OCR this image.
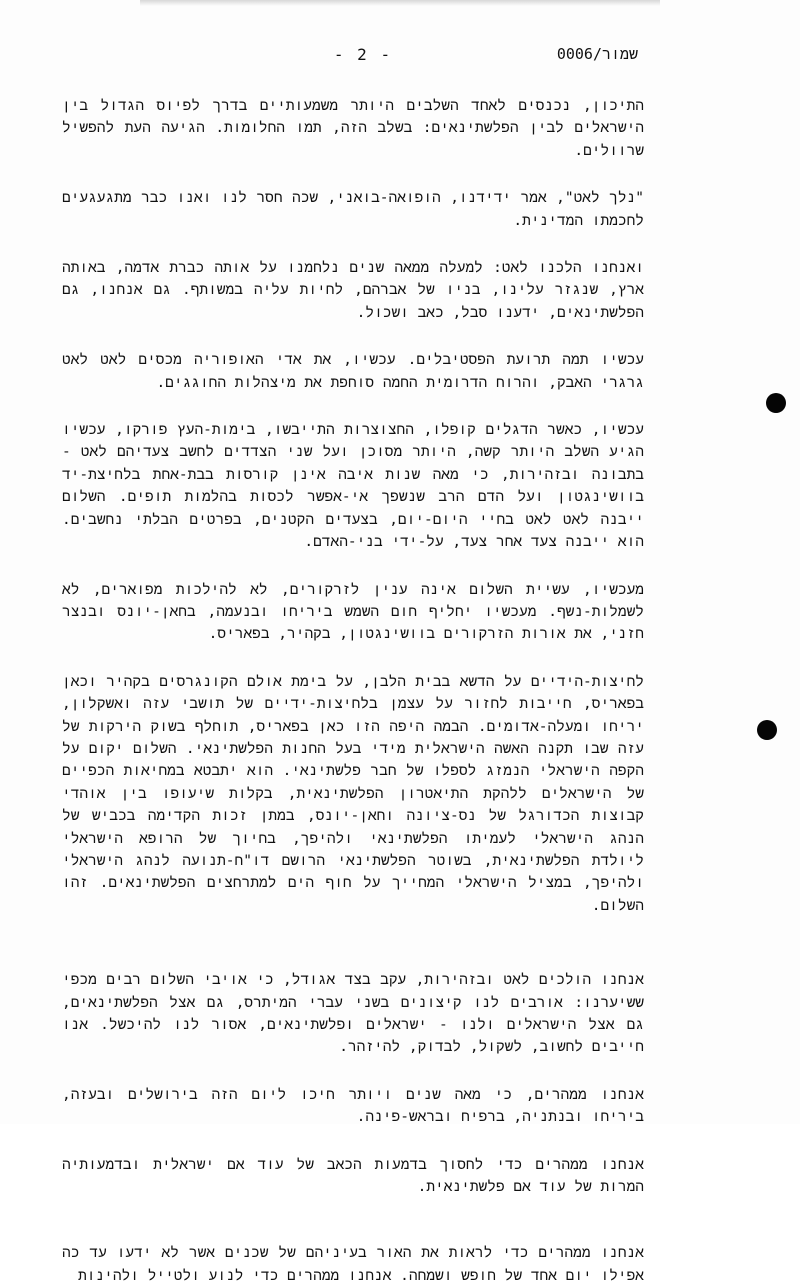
- 2 -	0006/שמור

התיכון, נכנסים לאחד השלבים היותר משמעותיים בדרך לפיוס הגדול בין הישראלים לבין הפלשתינאים: בשלב הזה, תמו החלומות. הגיעה העת להפשיל שרוולים.

"נלך לאט", אמר ידידנו, הופואה-בואני, שכה חסר לנו ואנו כבר מתגעגעים לחכמתו המדינית.

ואנחנו הלכנו לאט: למעלה ממאה שנים נלחמנו על אותה כברת אדמה, באותה ארץ, שנגזר עלינו, בניו של אברהם, לחיות עליה במשותף. גם אנחנו, גם הפלשתינאים, ידענו סבל, כאב ושכול.

עכשיו תמה תרועת הפסטיבלים. עכשיו, את אדי האופוריה מכסים לאט לאט גרגרי האבק, והרוח הדרומית החמה סוחפת את מיצהלות החוגגים.

עכשיו, כאשר הדגלים קופלו, החצוצרות התייבשו, בימות-העץ פורקו, עכשיו הגיע השלב היותר קשה, היותר מסוכן ועל שני הצדדים לחשב צעדיהם לאט - בתבונה ובזהירות, כי מאה שנות איבה אינן קורסות בבת-אחת בלחיצת-יד בוושינגטון ועל הדם הרב שנשפך אי-אפשר לכסות בהלמות תופים. השלום ייבנה לאט לאט בחיי היום-יום, בצעדים הקטנים, בפרטים הבלתי נחשבים. הוא ייבנה צעד אחר צעד, על-ידי בני-האדם.

מעכשיו, עשיית השלום אינה ענין לזרקורים, לא להילכות מפוארים, לא לשמלות-נשף. מעכשיו יחליף חום השמש ביריחו ובנעמה, בחאן-יונס ובנצר חזני, את אורות הזרקורים בוושינגטון, בקהיר, בפאריס.

לחיצות-הידיים על הדשא בבית הלבן, על בימת אולם הקונגרסים בקהיר וכאן בפאריס, חייבות לחזור על עצמן בלחיצות-ידיים של תושבי עזה ואשקלון, יריחו ומעלה-אדומים. הבמה היפה הזו כאן בפאריס, תוחלף בשוק הירקות של עזה שבו תקנה האשה הישראלית מידי בעל החנות הפלשתינאי. השלום יקום על הקפה הישראלי הנמזג לספלו של חבר פלשתינאי. הוא יתבטא במחיאות הכפיים של הישראלים ללהקת התיאטרון הפלשתינאית, בקלות שיעופו בין אוהדי קבוצות הכדורגל של נס-ציונה וחאן-יונס, במתן זכות הקדימה בכביש של הנהג הישראלי לעמיתו הפלשתינאי ולהיפך, בחיוך של הרופא הישראלי ליולדת הפלשתינאית, בשוטר הפלשתינאי הרושם דו"ח-תנועה לנהג הישראלי ולהיפך, במציל הישראלי המחייך על חוף הים למתרחצים הפלשתינאים. זהו השלום.

אנחנו הולכים לאט ובזהירות, עקב בצד אגודל, כי אויבי השלום רבים מכפי ששיערנו: אורבים לנו קיצונים בשני עברי המיתרס, גם אצל הפלשתינאים, גם אצל הישראלים ולנו - ישראלים ופלשתינאים, אסור לנו להיכשל. אנו חייבים לחשוב, לשקול, לבדוק, להיזהר.

אנחנו ממהרים, כי מאה שנים ויותר חיכו ליום הזה בירושלים ובעזה, ביריחו ובנתניה, ברפיח ובראש-פינה.

אנחנו ממהרים כדי לחסוך בדמעות הכאב של עוד אם ישראלית ובדמעותיה המרות של עוד אם פלשתינאית.

אנחנו ממהרים כדי לראות את האור בעיניהם של שכנים אשר לא ידעו עד כה אפילו יום אחד של חופש ושמחה. אנחנו ממהרים כדי לנוע ולטייל ולהינות
